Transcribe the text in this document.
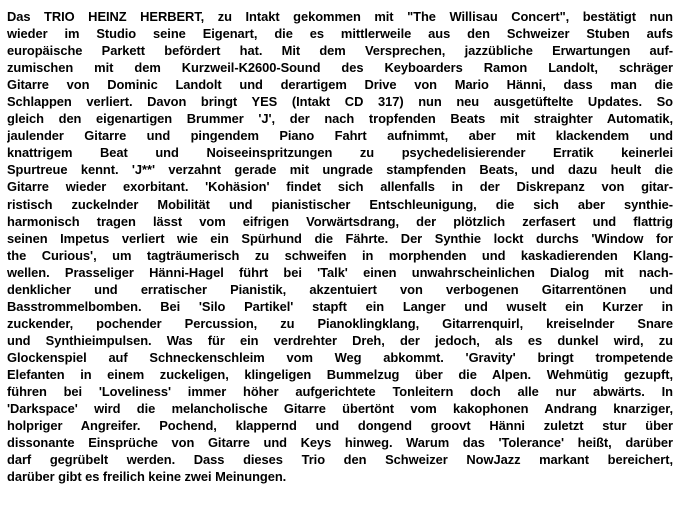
Das TRIO HEINZ HERBERT, zu Intakt gekommen mit "The Willisau Concert", bestätigt nun
wieder im Studio seine Eigenart, die es mittlerweile aus den Schweizer Stuben aufs
europäische Parkett befördert hat. Mit dem Versprechen, jazzübliche Erwartungen auf-
zumischen mit dem Kurzweil-K2600-Sound des Keyboarders Ramon Landolt, schräger
Gitarre von Dominic Landolt und derartigem Drive von Mario Hänni, dass man die
Schlappen verliert. Davon bringt YES (Intakt CD 317) nun neu ausgetüftelte Updates. So
gleich den eigenartigen Brummer 'J', der nach tropfenden Beats mit straighter Automatik,
jaulender Gitarre und pingendem Piano Fahrt aufnimmt, aber mit klackendem und
knattrigem Beat und Noiseeinspritzungen zu psychedelisierender Erratik keinerlei
Spurtreue kennt. 'J**' verzahnt gerade mit ungrade stampfenden Beats, und dazu heult die
Gitarre wieder exorbitant. 'Kohäsion' findet sich allenfalls in der Diskrepanz von gitar-
ristisch zuckelnder Mobilität und pianistischer Entschleunigung, die sich aber synthie-
harmonisch tragen lässt vom eifrigen Vorwärtsdrang, der plötzlich zerfasert und flattrig
seinen Impetus verliert wie ein Spürhund die Fährte. Der Synthie lockt durchs 'Window for
the Curious', um tagträumerisch zu schweifen in morphenden und kaskadierenden Klang-
wellen. Prasseliger Hänni-Hagel führt bei 'Talk' einen unwahrscheinlichen Dialog mit nach-
denklicher und erratischer Pianistik, akzentuiert von verbogenen Gitarrentönen und
Basstrommelbomben. Bei 'Silo Partikel' stapft ein Langer und wuselt ein Kurzer in
zuckender, pochender Percussion, zu Pianoklingklang, Gitarrenquirl, kreiselnder Snare
und Synthieimpulsen. Was für ein verdrehter Dreh, der jedoch, als es dunkel wird, zu
Glockenspiel auf Schneckenschleim vom Weg abkommt. 'Gravity' bringt trompetende
Elefanten in einem zuckeligen, klingeligen Bummelzug über die Alpen. Wehmütig gezupft,
führen bei 'Loveliness' immer höher aufgerichtete Tonleitern doch alle nur abwärts. In
'Darkspace' wird die melancholische Gitarre übertönt vom kakophonen Andrang knarziger,
holpriger Angreifer. Pochend, klappernd und dongend groovt Hänni zuletzt stur über
dissonante Einsprüche von Gitarre und Keys hinweg. Warum das 'Tolerance' heißt, darüber
darf gegrübelt werden. Dass dieses Trio den Schweizer NowJazz markant bereichert,
darüber gibt es freilich keine zwei Meinungen.
